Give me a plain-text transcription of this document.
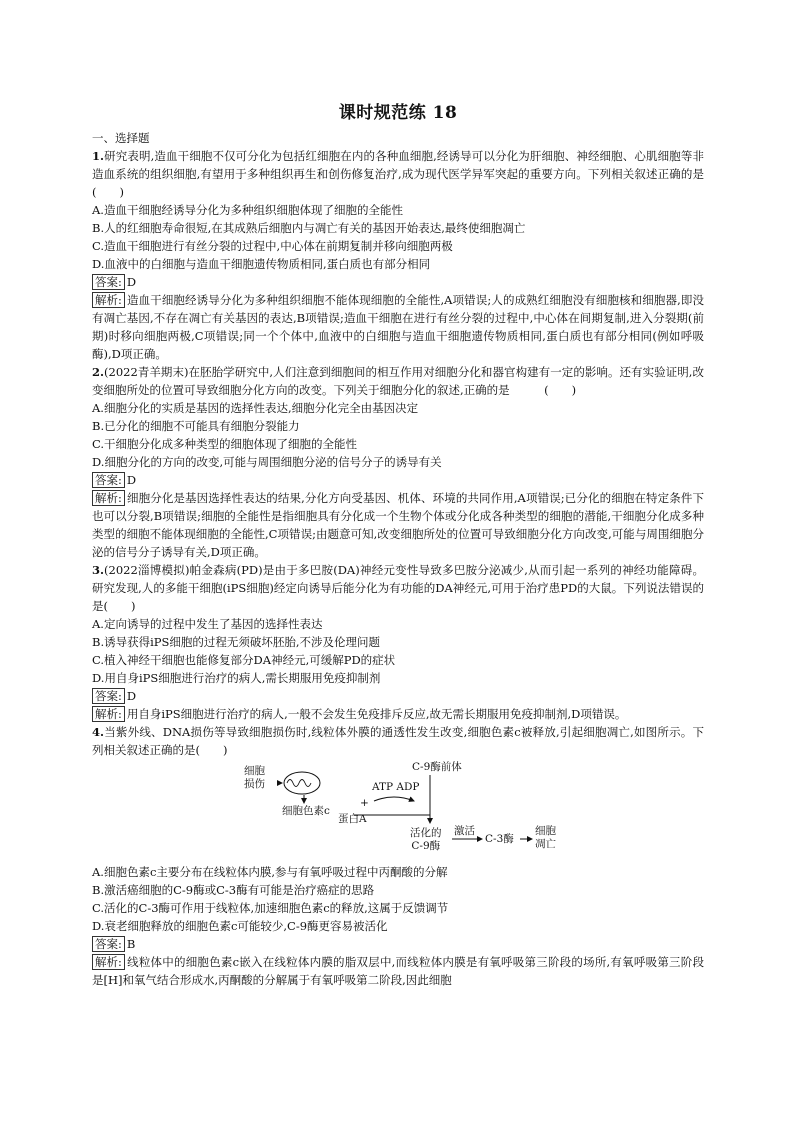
课时规范练 18
一、选择题

1.研究表明,造血干细胞不仅可分化为包括红细胞在内的各种血细胞,经诱导可以分化为肝细胞、神经细胞、心肌细胞等非造血系统的组织细胞,有望用于多种组织再生和创伤修复治疗,成为现代医学异军突起的重要方向。下列相关叙述正确的是(　　)

A.造血干细胞经诱导分化为多种组织细胞体现了细胞的全能性

B.人的红细胞寿命很短,在其成熟后细胞内与凋亡有关的基因开始表达,最终使细胞凋亡

C.造血干细胞进行有丝分裂的过程中,中心体在前期复制并移向细胞两极

D.血液中的白细胞与造血干细胞遗传物质相同,蛋白质也有部分相同

答案: D

解析: 造血干细胞经诱导分化为多种组织细胞不能体现细胞的全能性,A项错误;人的成熟红细胞没有细胞核和细胞器,即没有凋亡基因,不存在凋亡有关基因的表达,B项错误;造血干细胞在进行有丝分裂的过程中,中心体在间期复制,进入分裂期(前期)时移向细胞两极,C项错误;同一个个体中,血液中的白细胞与造血干细胞遗传物质相同,蛋白质也有部分相同(例如呼吸酶),D项正确。

2.(2022青羊期末)在胚胎学研究中,人们注意到细胞间的相互作用对细胞分化和器官构建有一定的影响。还有实验证明,改变细胞所处的位置可导致细胞分化方向的改变。下列关于细胞分化的叙述,正确的是　　　(　　)

A.细胞分化的实质是基因的选择性表达,细胞分化完全由基因决定

B.已分化的细胞不可能具有细胞分裂能力

C.干细胞分化成多种类型的细胞体现了细胞的全能性

D.细胞分化的方向的改变,可能与周围细胞分泌的信号分子的诱导有关

答案: D

解析: 细胞分化是基因选择性表达的结果,分化方向受基因、机体、环境的共同作用,A项错误;已分化的细胞在特定条件下也可以分裂,B项错误;细胞的全能性是指细胞具有分化成一个生物个体或分化成各种类型的细胞的潜能,干细胞分化成多种类型的细胞不能体现细胞的全能性,C项错误;由题意可知,改变细胞所处的位置可导致细胞分化方向改变,可能与周围细胞分泌的信号分子诱导有关,D项正确。

3.(2022淄博模拟)帕金森病(PD)是由于多巴胺(DA)神经元变性导致多巴胺分泌减少,从而引起一系列的神经功能障碍。研究发现,人的多能干细胞(iPS细胞)经定向诱导后能分化为有功能的DA神经元,可用于治疗患PD的大鼠。下列说法错误的是(　　)

A.定向诱导的过程中发生了基因的选择性表达

B.诱导获得iPS细胞的过程无须破坏胚胎,不涉及伦理问题

C.植入神经干细胞也能修复部分DA神经元,可缓解PD的症状

D.用自身iPS细胞进行治疗的病人,需长期服用免疫抑制剂

答案: D

解析: 用自身iPS细胞进行治疗的病人,一般不会发生免疫排斥反应,故无需长期服用免疫抑制剂,D项错误。

4.当紫外线、DNA损伤等导致细胞损伤时,线粒体外膜的通透性发生改变,细胞色素c被释放,引起细胞凋亡,如图所示。下列相关叙述正确的是(　　)

细胞
损伤
细胞色素c
+
蛋白A
C-9酶前体
ATP ADP
活化的
C-9酶
激活
C-3酶
细胞
凋亡

A.细胞色素c主要分布在线粒体内膜,参与有氧呼吸过程中丙酮酸的分解

B.激活癌细胞的C-9酶或C-3酶有可能是治疗癌症的思路

C.活化的C-3酶可作用于线粒体,加速细胞色素c的释放,这属于反馈调节

D.衰老细胞释放的细胞色素c可能较少,C-9酶更容易被活化

答案: B

解析: 线粒体中的细胞色素c嵌入在线粒体内膜的脂双层中,而线粒体内膜是有氧呼吸第三阶段的场所,有氧呼吸第三阶段是[H]和氧气结合形成水,丙酮酸的分解属于有氧呼吸第二阶段,因此细胞
